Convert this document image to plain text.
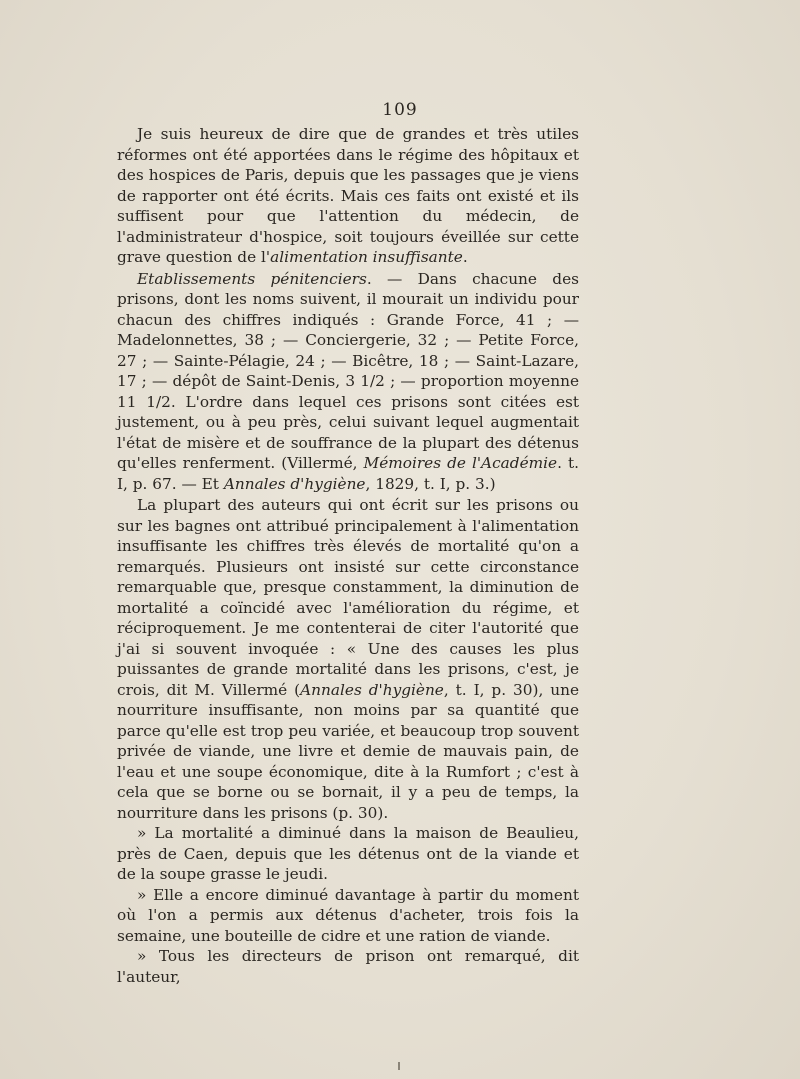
109

Je suis heureux de dire que de grandes et très utiles réformes ont été apportées dans le régime des hôpitaux et des hospices de Paris, depuis que les passages que je viens de rapporter ont été écrits. Mais ces faits ont existé et ils suffisent pour que l'attention du médecin, de l'administrateur d'hospice, soit toujours éveillée sur cette grave question de l'alimentation insuffisante.

Etablissements pénitenciers. — Dans chacune des prisons, dont les noms suivent, il mourait un individu pour chacun des chiffres indiqués : Grande Force, 41 ; — Madelonnettes, 38 ; — Conciergerie, 32 ; — Petite Force, 27 ; — Sainte-Pélagie, 24 ; — Bicêtre, 18 ; — Saint-Lazare, 17 ; — dépôt de Saint-Denis, 3 1/2 ; — proportion moyenne 11 1/2. L'ordre dans lequel ces prisons sont citées est justement, ou à peu près, celui suivant lequel augmentait l'état de misère et de souffrance de la plupart des détenus qu'elles renferment. (Villermé, Mémoires de l'Académie. t. I, p. 67. — Et Annales d'hygiène, 1829, t. I, p. 3.)

La plupart des auteurs qui ont écrit sur les prisons ou sur les bagnes ont attribué principalement à l'alimentation insuffisante les chiffres très élevés de mortalité qu'on a remarqués. Plusieurs ont insisté sur cette circonstance remarquable que, presque constamment, la diminution de mortalité a coïncidé avec l'amélioration du régime, et réciproquement. Je me contenterai de citer l'autorité que j'ai si souvent invoquée : « Une des causes les plus puissantes de grande mortalité dans les prisons, c'est, je crois, dit M. Villermé (Annales d'hygiène, t. I, p. 30), une nourriture insuffisante, non moins par sa quantité que parce qu'elle est trop peu variée, et beaucoup trop souvent privée de viande, une livre et demie de mauvais pain, de l'eau et une soupe économique, dite à la Rumfort ; c'est à cela que se borne ou se bornait, il y a peu de temps, la nourriture dans les prisons (p. 30).

» La mortalité a diminué dans la maison de Beaulieu, près de Caen, depuis que les détenus ont de la viande et de la soupe grasse le jeudi.

» Elle a encore diminué davantage à partir du moment où l'on a permis aux détenus d'acheter, trois fois la semaine, une bouteille de cidre et une ration de viande.

» Tous les directeurs de prison ont remarqué, dit l'auteur,
